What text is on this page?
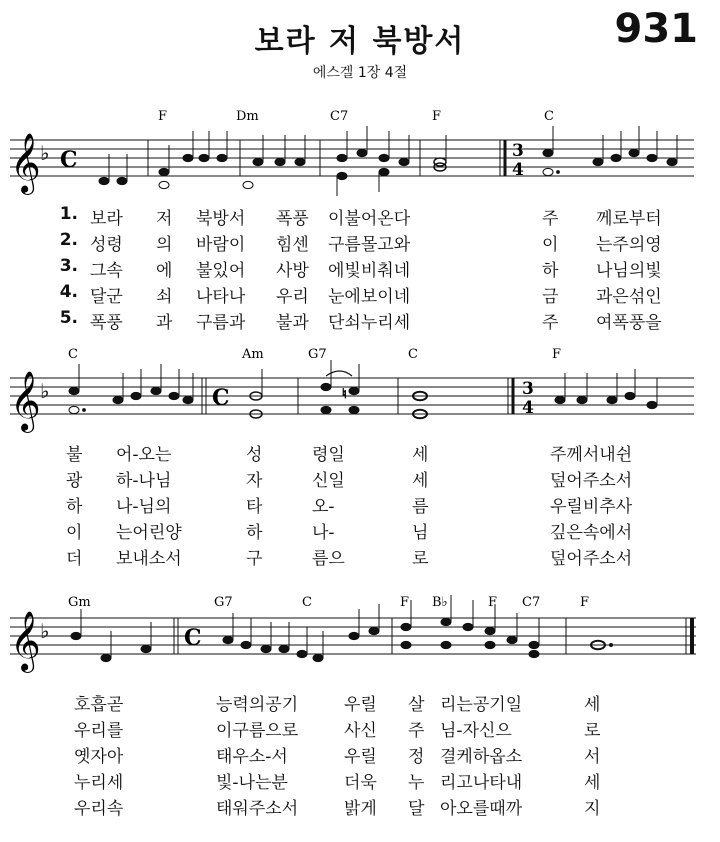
보라 저 북방서	931
에스겔 1장 4절
F	Dm	C7	F	C
𝄞 ♭ C	3
4
1. 보라 저 북방서 폭풍 이불어온다	주 께로부터
2. 성령 의 바람이 힘센 구름몰고와	이 는주의영
3. 그속 에 불있어 사방 에빛비춰네	하 나님의빛
4. 달군 쇠 나타나 우리 눈에보이네	금 과은섞인
5. 폭풍 과 구름과 불과 단쇠누리세	주 여폭풍을
C	Am	G7	C	F
𝄞 ♭	C	3
4
♮
불 어-오는	성	령일	세	주께서내쉰
광 하-나님	자	신일	세	덮어주소서
하 나-님의	타	오-	름	우릴비추사
이 는어린양	하	나-	님	깊은속에서
더 보내소서	구	름으	로	덮어주소서
Gm	G7	C	F B♭	F C7	F
𝄞 ♭	C
호흡곧	능력의공기	우릴 살 리는공기일	세
우리를	이구름으로	사신 주 님-자신으	로
옛자아	태우소-서	우릴 정 결케하옵소	서
누리세	빛-나는분	더욱 누 리고나타내	세
우리속	태워주소서	밝게 달 아오를때까	지
